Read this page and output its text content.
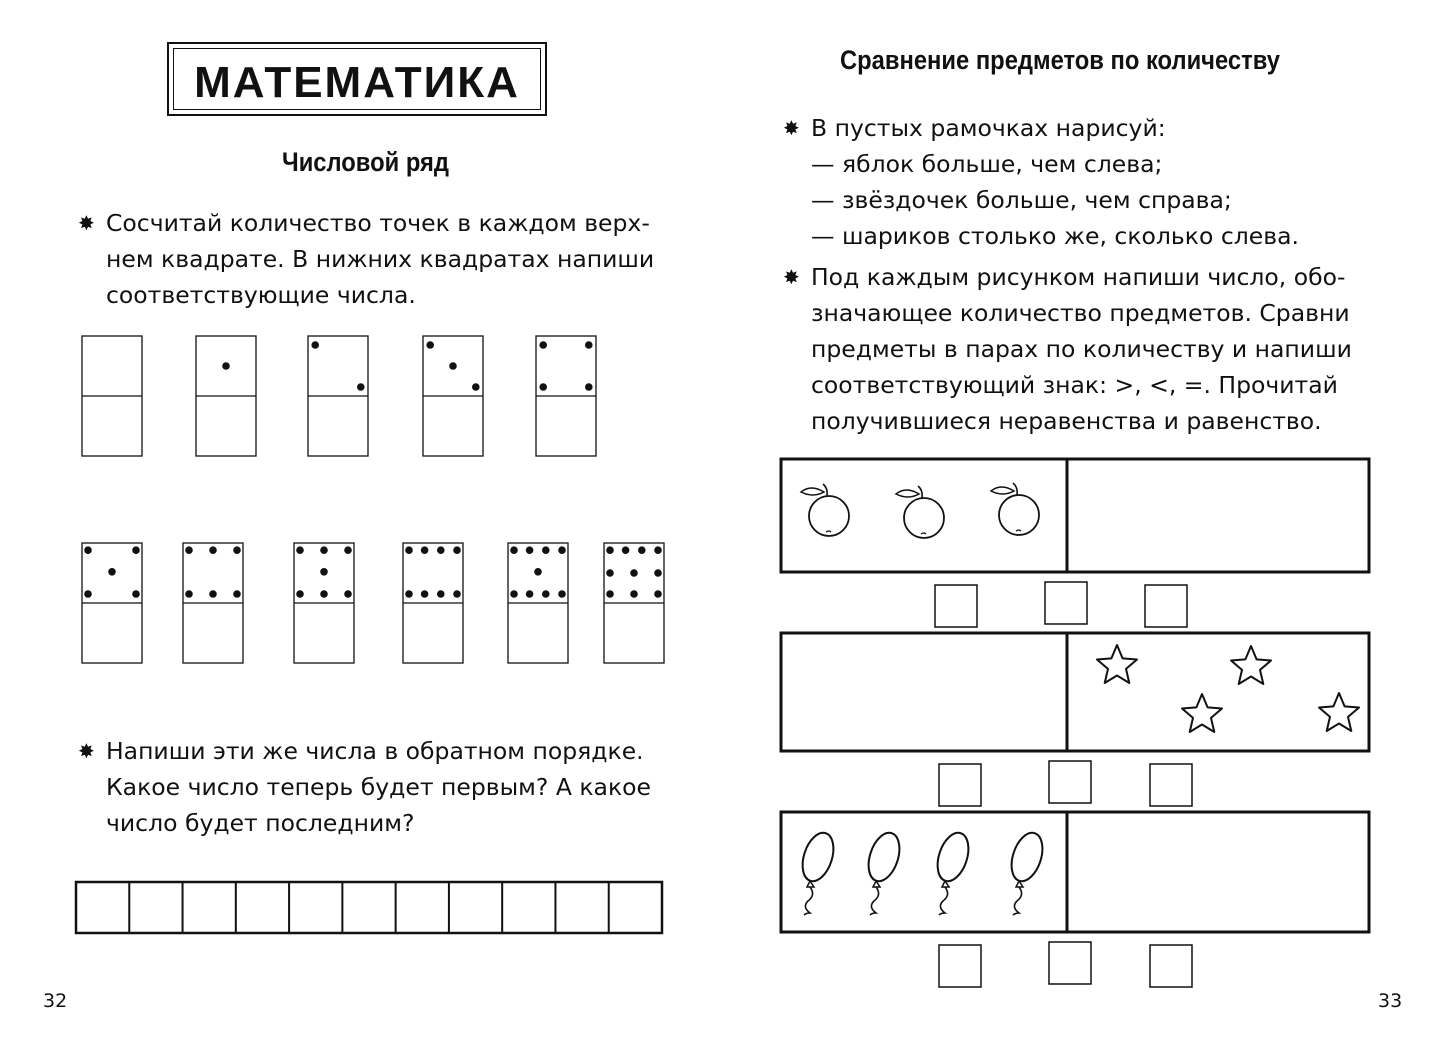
МАТЕМАТИКА
Числовой ряд
✸ Сосчитай количество точек в каждом верх-
нем квадрате. В нижних квадратах напиши
соответствующие числа.
✸ Напиши эти же числа в обратном порядке.
Какое число теперь будет первым? А какое
число будет последним?
32
Сравнение предметов по количеству
✸ В пустых рамочках нарисуй:
— яблок больше, чем слева;
— звёздочек больше, чем справа;
— шариков столько же, сколько слева.
✸ Под каждым рисунком напиши число, обо-
значающее количество предметов. Сравни
предметы в парах по количеству и напиши
соответствующий знак: >, <, =. Прочитай
получившиеся неравенства и равенство.
33
